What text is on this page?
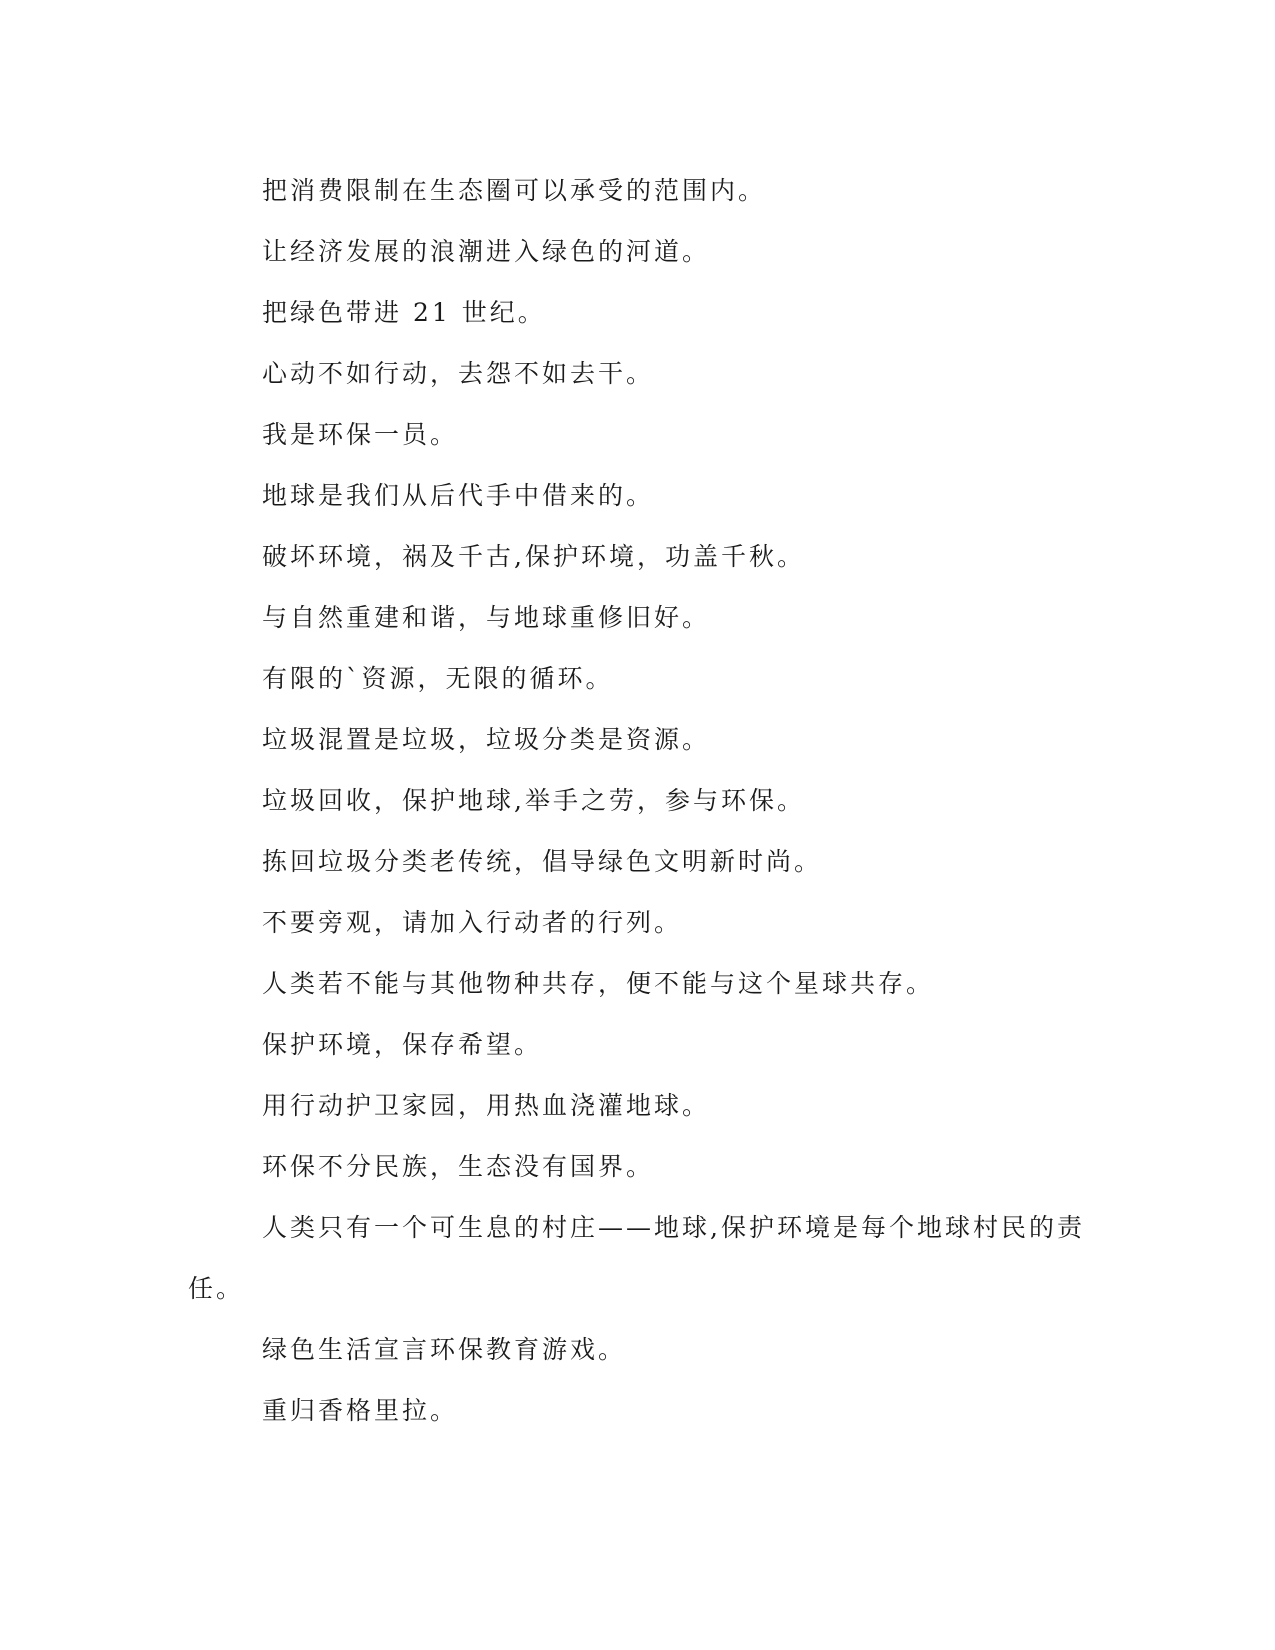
把消费限制在生态圈可以承受的范围内。

让经济发展的浪潮进入绿色的河道。

把绿色带进 21 世纪。

心动不如行动，去怨不如去干。

我是环保一员。

地球是我们从后代手中借来的。

破坏环境，祸及千古,保护环境，功盖千秋。

与自然重建和谐，与地球重修旧好。

有限的`资源，无限的循环。

垃圾混置是垃圾，垃圾分类是资源。

垃圾回收，保护地球,举手之劳，参与环保。

拣回垃圾分类老传统，倡导绿色文明新时尚。

不要旁观，请加入行动者的行列。

人类若不能与其他物种共存，便不能与这个星球共存。

保护环境，保存希望。

用行动护卫家园，用热血浇灌地球。

环保不分民族，生态没有国界。

人类只有一个可生息的村庄——地球,保护环境是每个地球村民的责任。

绿色生活宣言环保教育游戏。

重归香格里拉。
